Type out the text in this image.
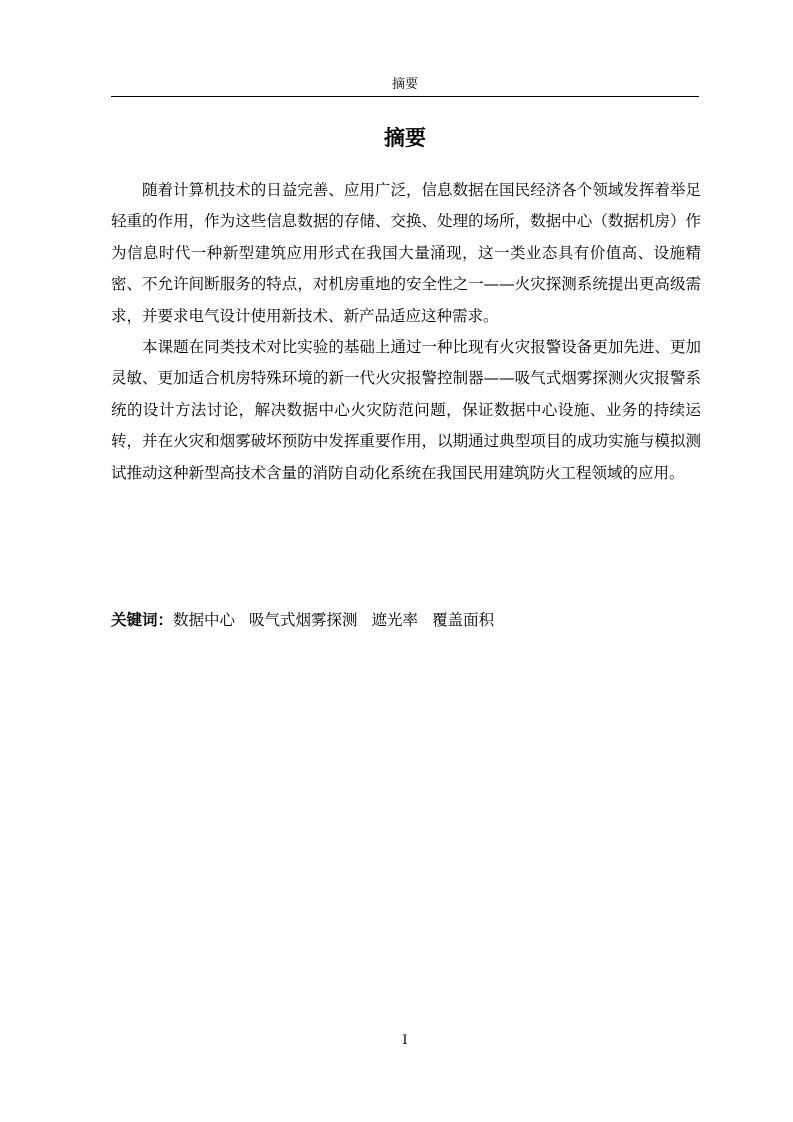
摘要
摘要

随着计算机技术的日益完善、应用广泛，信息数据在国民经济各个领域发挥着举足轻重的作用，作为这些信息数据的存储、交换、处理的场所，数据中心（数据机房）作为信息时代一种新型建筑应用形式在我国大量涌现，这一类业态具有价值高、设施精密、不允许间断服务的特点，对机房重地的安全性之一——火灾探测系统提出更高级需求，并要求电气设计使用新技术、新产品适应这种需求。

本课题在同类技术对比实验的基础上通过一种比现有火灾报警设备更加先进、更加灵敏、更加适合机房特殊环境的新一代火灾报警控制器——吸气式烟雾探测火灾报警系统的设计方法讨论，解决数据中心火灾防范问题，保证数据中心设施、业务的持续运转，并在火灾和烟雾破坏预防中发挥重要作用，以期通过典型项目的成功实施与模拟测试推动这种新型高技术含量的消防自动化系统在我国民用建筑防火工程领域的应用。

关键词：数据中心 吸气式烟雾探测 遮光率 覆盖面积
I
